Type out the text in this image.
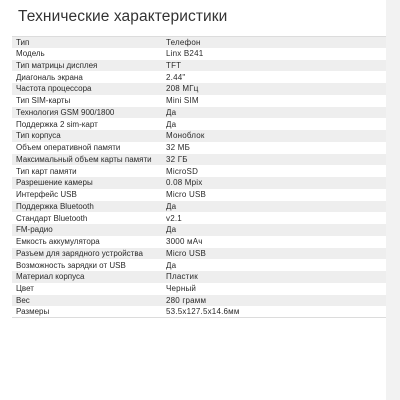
Технические характеристики
Тип	Телефон
Модель	Linx B241
Тип матрицы дисплея	TFT
Диагональ экрана	2.44"
Частота процессора	208 МГц
Тип SIM-карты	Mini SIM
Технология GSM 900/1800	Да
Поддержка 2 sim-карт	Да
Тип корпуса	Моноблок
Объем оперативной памяти	32 МБ
Максимальный объем карты памяти	32 ГБ
Тип карт памяти	MicroSD
Разрешение камеры	0.08 Mpix
Интерфейс USB	Micro USB
Поддержка Bluetooth	Да
Стандарт Bluetooth	v2.1
FM-радио	Да
Емкость аккумулятора	3000 мАч
Разъем для зарядного устройства	Micro USB
Возможность зарядки от USB	Да
Материал корпуса	Пластик
Цвет	Черный
Вес	280 грамм
Размеры	53.5x127.5x14.6мм
